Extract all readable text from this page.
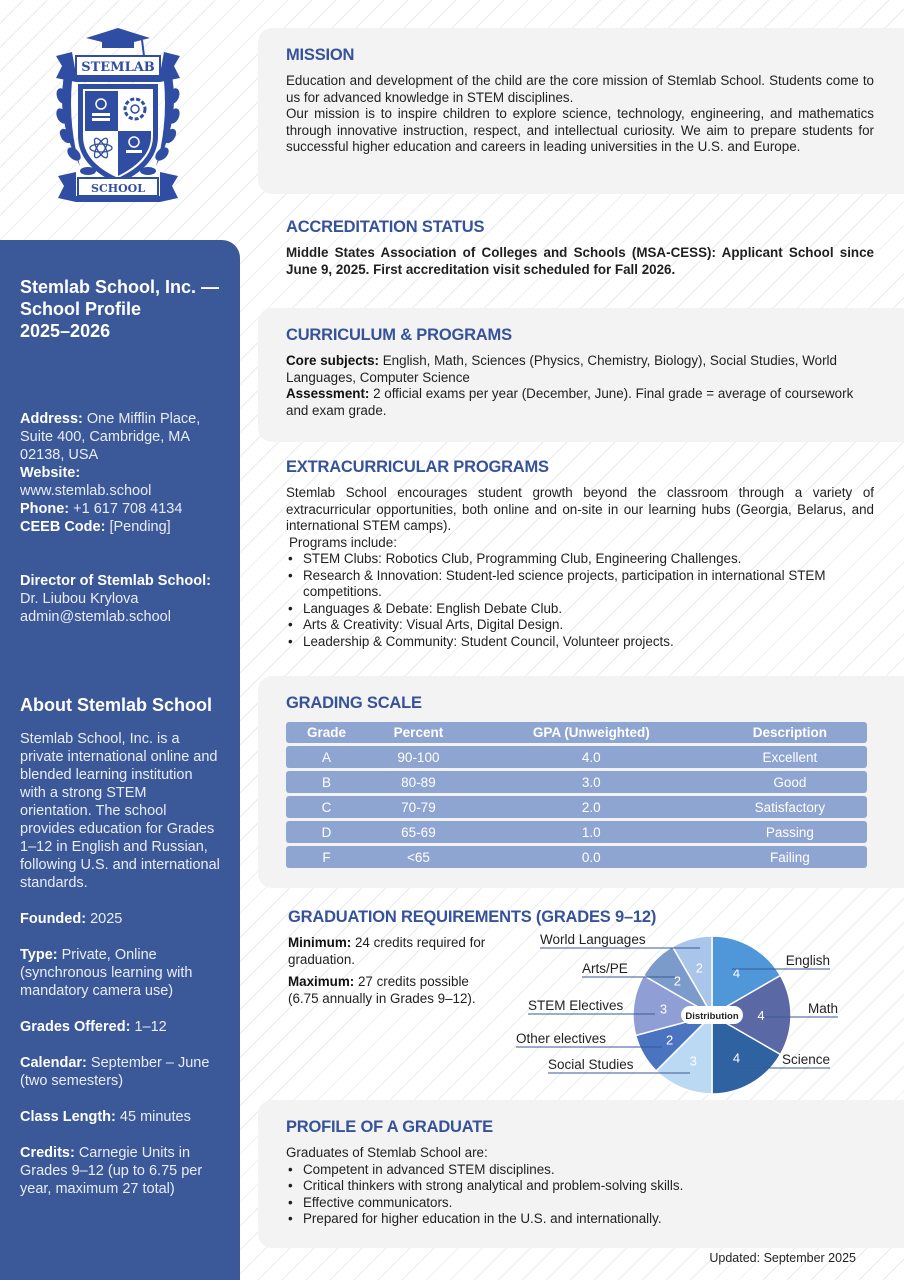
STEMLAB
SCHOOL
Stemlab School, Inc. —
School Profile
2025–2026
Address: One Mifflin Place, Suite 400, Cambridge, MA 02138, USA
Website:
www.stemlab.school
Phone: +1 617 708 4134
CEEB Code: [Pending]
Director of Stemlab School:
Dr. Liubou Krylova
admin@stemlab.school
About Stemlab School
Stemlab School, Inc. is a private international online and blended learning institution with a strong STEM orientation. The school provides education for Grades 1–12 in English and Russian, following U.S. and international standards.
Founded: 2025
Type: Private, Online (synchronous learning with mandatory camera use)
Grades Offered: 1–12
Calendar: September – June (two semesters)
Class Length: 45 minutes
Credits: Carnegie Units in Grades 9–12 (up to 6.75 per year, maximum 27 total)
MISSION

Education and development of the child are the core mission of Stemlab School. Students come to us for advanced knowledge in STEM disciplines.

Our mission is to inspire children to explore science, technology, engineering, and mathematics through innovative instruction, respect, and intellectual curiosity. We aim to prepare students for successful higher education and careers in leading universities in the U.S. and Europe.

ACCREDITATION STATUS

Middle States Association of Colleges and Schools (MSA-CESS): Applicant School since June 9, 2025. First accreditation visit scheduled for Fall 2026.

CURRICULUM & PROGRAMS

Core subjects: English, Math, Sciences (Physics, Chemistry, Biology), Social Studies, World Languages, Computer Science

Assessment: 2 official exams per year (December, June). Final grade = average of coursework and exam grade.

EXTRACURRICULAR PROGRAMS

Stemlab School encourages student growth beyond the classroom through a variety of extracurricular opportunities, both online and on-site in our learning hubs (Georgia, Belarus, and international STEM camps).

Programs include:

• STEM Clubs: Robotics Club, Programming Club, Engineering Challenges.
• Research & Innovation: Student-led science projects, participation in international STEM competitions.
• Languages & Debate: English Debate Club.
• Arts & Creativity: Visual Arts, Digital Design.
• Leadership & Community: Student Council, Volunteer projects.
GRADING SCALE
Grade	Percent	GPA (Unweighted)	Description
A	90-100	4.0	Excellent
B	80-89	3.0	Good
C	70-79	2.0	Satisfactory
D	65-69	1.0	Passing
F	<65	0.0	Failing
GRADUATION REQUIREMENTS (GRADES 9–12)

Minimum: 24 credits required for graduation.

Maximum: 27 credits possible (6.75 annually in Grades 9–12).

4
English
4	Math
4	Science
3
Social Studies
2
Other electives
3
STEM Electives
2
Arts/PE	2
World Languages
Distribution
PROFILE OF A GRADUATE

Graduates of Stemlab School are:

• Competent in advanced STEM disciplines.
• Critical thinkers with strong analytical and problem-solving skills.
• Effective communicators.
• Prepared for higher education in the U.S. and internationally.
Updated: September 2025
